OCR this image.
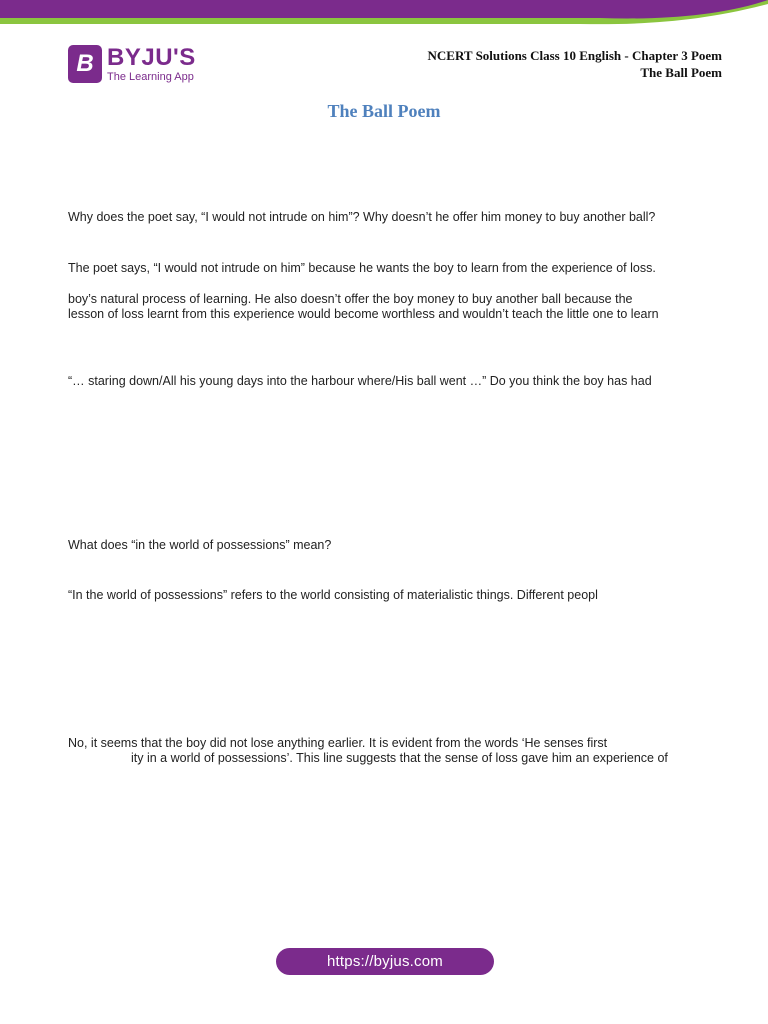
B BYJU'S
The Learning App
NCERT Solutions Class 10 English - Chapter 3 Poem
The Ball Poem
The Ball Poem
Why does the poet say, “I would not intrude on him”? Why doesn’t he offer him money to buy another ball?
The poet says, “I would not intrude on him” because he wants the boy to learn from the experience of loss.
boy’s natural process of learning. He also doesn’t offer the boy money to buy another ball because the
lesson of loss learnt from this experience would become worthless and wouldn’t teach the little one to learn
“… staring down/All his young days into the harbour where/His ball went …” Do you think the boy has had
What does “in the world of possessions” mean?
“In the world of possessions” refers to the world consisting of materialistic things. Different peopl
No, it seems that the boy did not lose anything earlier. It is evident from the words ‘He senses first
ity in a world of possessions’. This line suggests that the sense of loss gave him an experience of
https://byjus.com
